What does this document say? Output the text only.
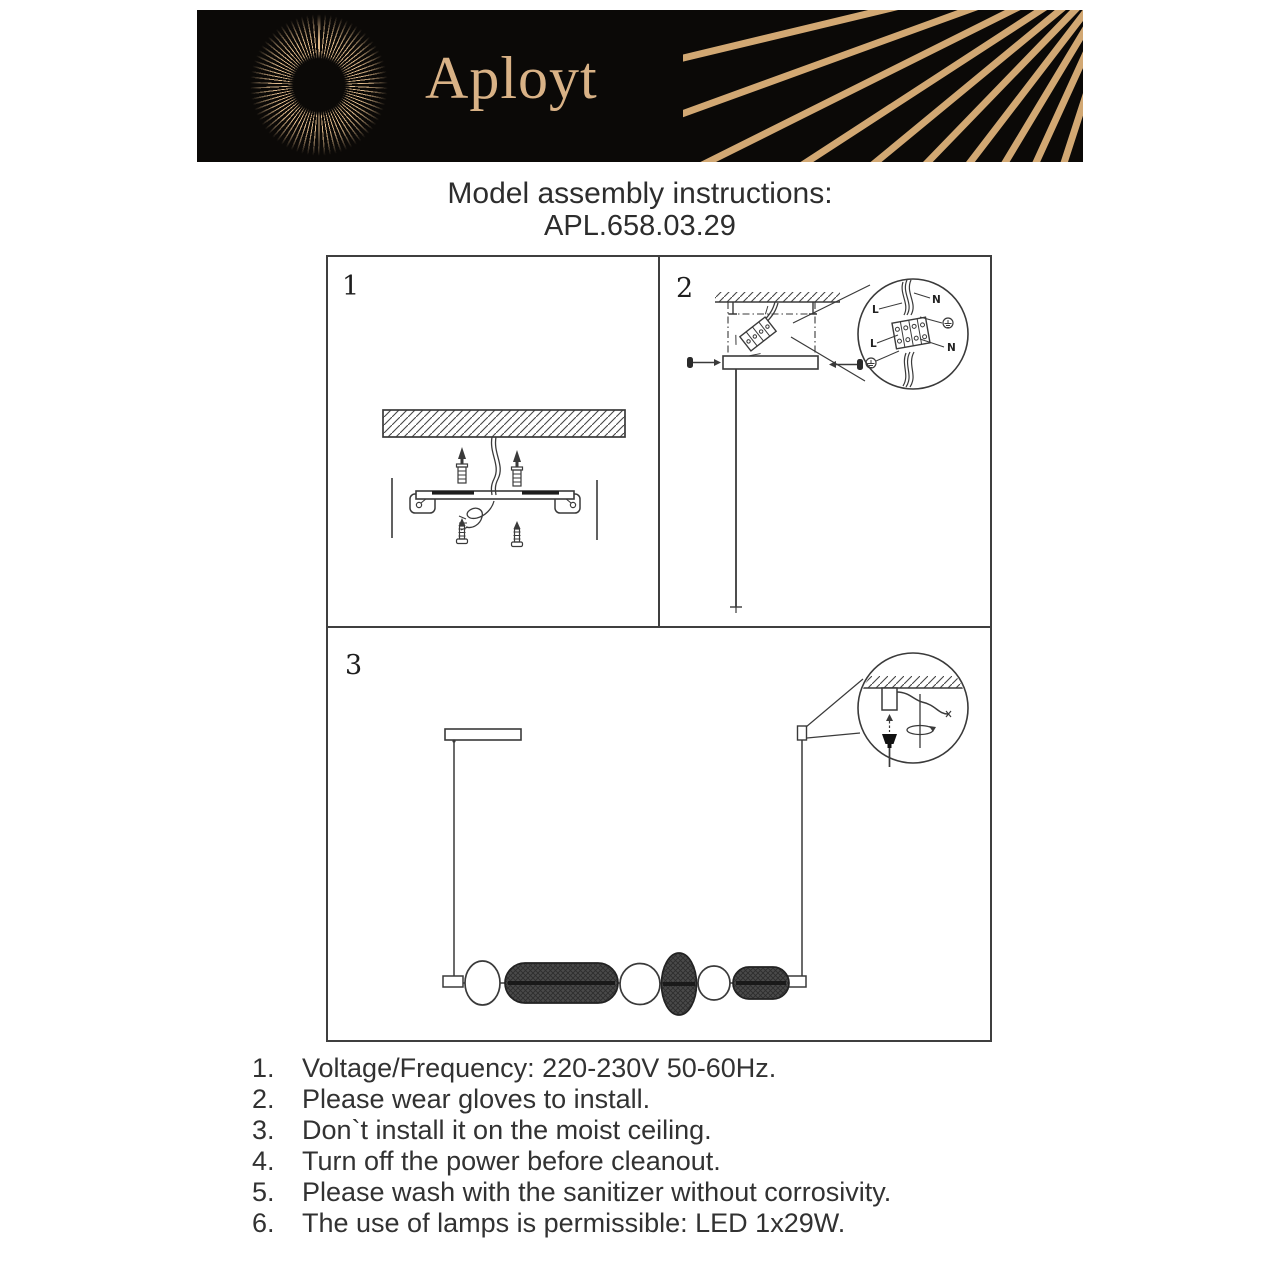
Aployt
Model assembly instructions:
APL.658.03.29
1	2
L
N
L	N
3
1.	Voltage/Frequency: 220-230V 50-60Hz.
2.	Please wear gloves to install.
3.	Don`t install it on the moist ceiling.
4.	Turn off the power before cleanout.
5.	Please wash with the sanitizer without corrosivity.
6.	The use of lamps is permissible: LED 1x29W.
